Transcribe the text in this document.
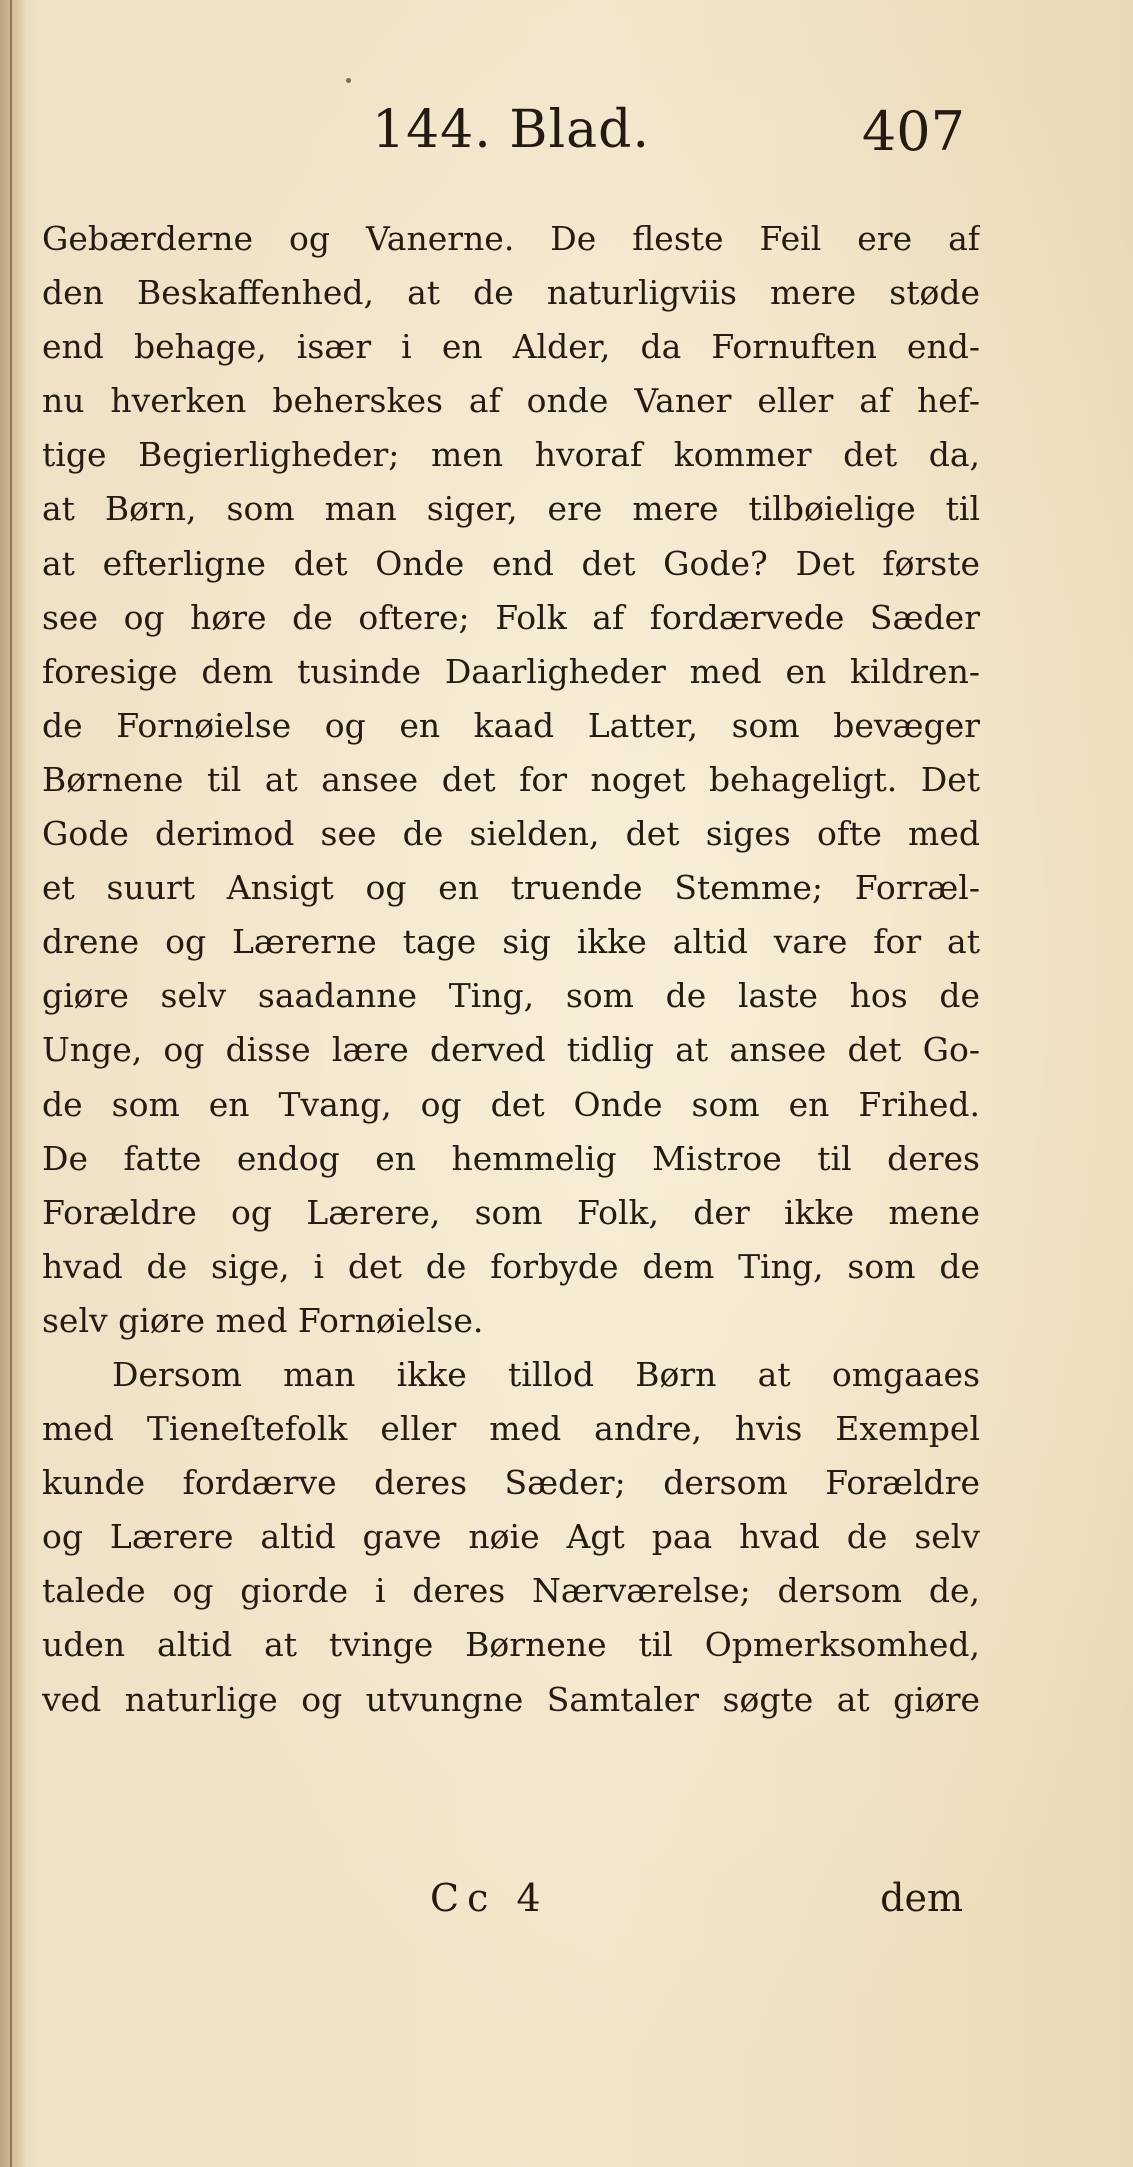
144. Blad.	407
Gebærderne og Vanerne. De fleste Feil ere af
den Beskaffenhed, at de naturligviis mere støde
end behage, især i en Alder, da Fornuften end-
nu hverken beherskes af onde Vaner eller af hef-
tige Begierligheder; men hvoraf kommer det da,
at Børn, som man siger, ere mere tilbøielige til
at efterligne det Onde end det Gode? Det første
see og høre de oftere; Folk af fordærvede Sæder
foresige dem tusinde Daarligheder med en kildren-
de Fornøielse og en kaad Latter, som bevæger
Børnene til at ansee det for noget behageligt. Det
Gode derimod see de sielden, det siges ofte med
et suurt Ansigt og en truende Stemme; Forræl-
drene og Lærerne tage sig ikke altid vare for at
giøre selv saadanne Ting, som de laste hos de
Unge, og disse lære derved tidlig at ansee det Go-
de som en Tvang, og det Onde som en Frihed.
De fatte endog en hemmelig Mistroe til deres
Forældre og Lærere, som Folk, der ikke mene
hvad de sige, i det de forbyde dem Ting, som de
selv giøre med Fornøielse.
Dersom man ikke tillod Børn at omgaaes
med Tieneſtefolk eller med andre, hvis Exempel
kunde fordærve deres Sæder; dersom Forældre
og Lærere altid gave nøie Agt paa hvad de selv
talede og giorde i deres Nærværelse; dersom de,
uden altid at tvinge Børnene til Opmerksomhed,
ved naturlige og utvungne Samtaler søgte at giøre
Cc 4	dem
